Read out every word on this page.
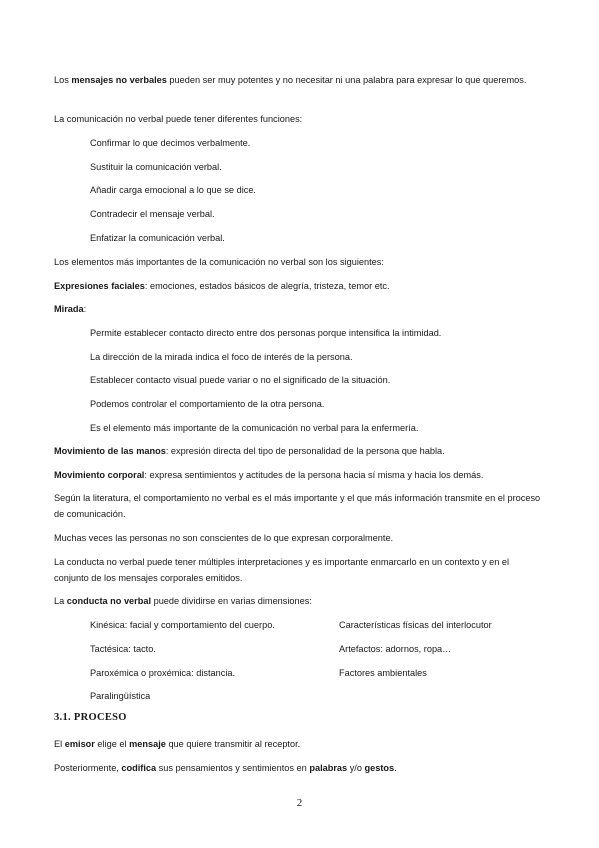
Los mensajes no verbales pueden ser muy potentes y no necesitar ni una palabra para expresar lo que queremos.

La comunicación no verbal puede tener diferentes funciones:

Confirmar lo que decimos verbalmente.

Sustituir la comunicación verbal.

Añadir carga emocional a lo que se dice.

Contradecir el mensaje verbal.

Enfatizar la comunicación verbal.

Los elementos más importantes de la comunicación no verbal son los siguientes:

Expresiones faciales: emociones, estados básicos de alegría, tristeza, temor etc.

Mirada:

Permite establecer contacto directo entre dos personas porque intensifica la intimidad.

La dirección de la mirada indica el foco de interés de la persona.

Establecer contacto visual puede variar o no el significado de la situación.

Podemos controlar el comportamiento de la otra persona.

Es el elemento más importante de la comunicación no verbal para la enfermería.

Movimiento de las manos: expresión directa del tipo de personalidad de la persona que habla.

Movimiento corporal: expresa sentimientos y actitudes de la persona hacia sí misma y hacia los demás.

Según la literatura, el comportamiento no verbal es el más importante y el que más información transmite en el proceso de comunicación.

Muchas veces las personas no son conscientes de lo que expresan corporalmente.

La conducta no verbal puede tener múltiples interpretaciones y es importante enmarcarlo en un contexto y en el conjunto de los mensajes corporales emitidos.

La conducta no verbal puede dividirse en varias dimensiones:

Kinésica: facial y comportamiento del cuerpo.	Características físicas del interlocutor

Tactésica: tacto.	Artefactos: adornos, ropa…

Paroxémica o proxémica: distancia.	Factores ambientales

Paralingüística

3.1. PROCESO

El emisor elige el mensaje que quiere transmitir al receptor.

Posteriormente, codifica sus pensamientos y sentimientos en palabras y/o gestos.

2
